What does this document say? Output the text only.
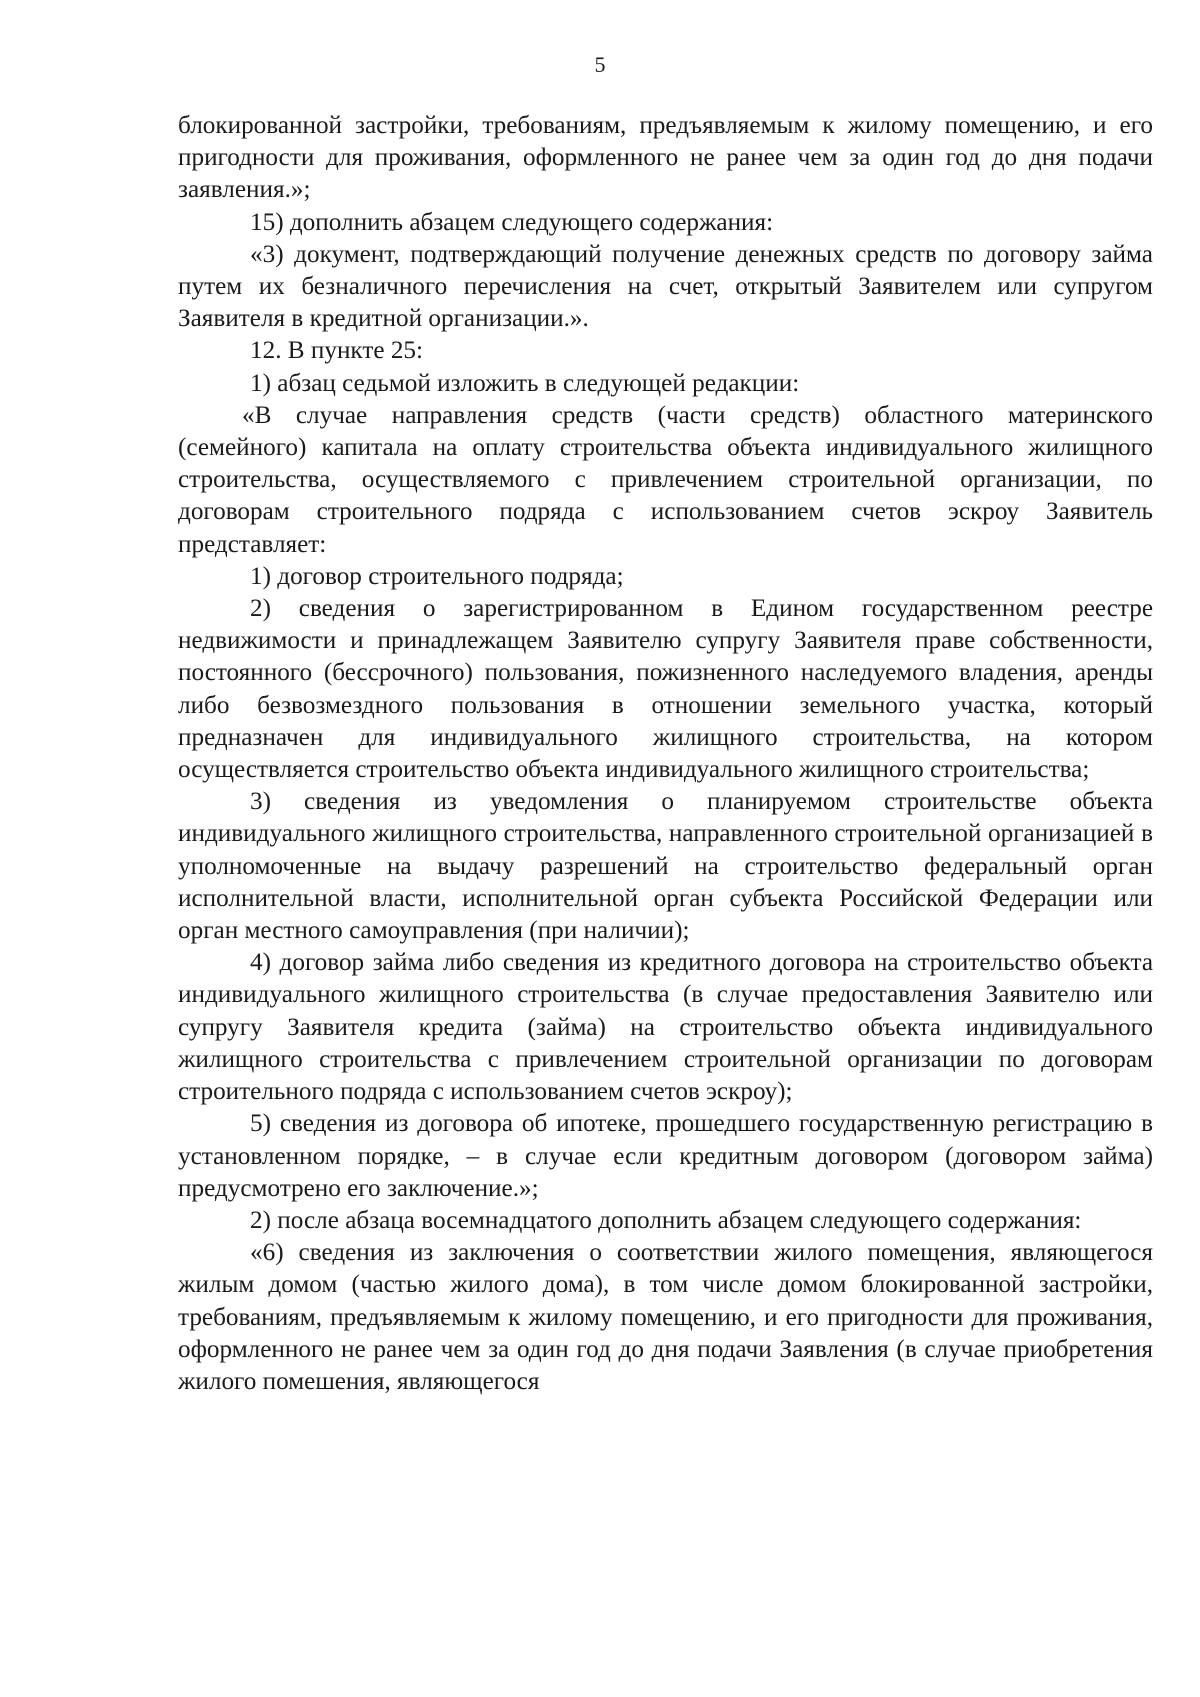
5

блокированной застройки, требованиям, предъявляемым к жилому помещению, и его пригодности для проживания, оформленного не ранее чем за один год до дня подачи заявления.»;

15) дополнить абзацем следующего содержания:

«3) документ, подтверждающий получение денежных средств по договору займа путем их безналичного перечисления на счет, открытый Заявителем или супругом Заявителя в кредитной организации.».

12. В пункте 25:

1) абзац седьмой изложить в следующей редакции:

«В случае направления средств (части средств) областного материнского (семейного) капитала на оплату строительства объекта индивидуального жилищного строительства, осуществляемого с привлечением строительной организации, по договорам строительного подряда с использованием счетов эскроу Заявитель представляет:

1) договор строительного подряда;

2) сведения о зарегистрированном в Едином государственном реестре недвижимости и принадлежащем Заявителю супругу Заявителя праве собственности, постоянного (бессрочного) пользования, пожизненного наследуемого владения, аренды либо безвозмездного пользования в отношении земельного участка, который предназначен для индивидуального жилищного строительства, на котором осуществляется строительство объекта индивидуального жилищного строительства;

3) сведения из уведомления о планируемом строительстве объекта индивидуального жилищного строительства, направленного строительной организацией в уполномоченные на выдачу разрешений на строительство федеральный орган исполнительной власти, исполнительной орган субъекта Российской Федерации или орган местного самоуправления (при наличии);

4) договор займа либо сведения из кредитного договора на строительство объекта индивидуального жилищного строительства (в случае предоставления Заявителю или супругу Заявителя кредита (займа) на строительство объекта индивидуального жилищного строительства с привлечением строительной организации по договорам строительного подряда с использованием счетов эскроу);

5) сведения из договора об ипотеке, прошедшего государственную регистрацию в установленном порядке, – в случае если кредитным договором (договором займа) предусмотрено его заключение.»;

2) после абзаца восемнадцатого дополнить абзацем следующего содержания:

«6) сведения из заключения о соответствии жилого помещения, являющегося жилым домом (частью жилого дома), в том числе домом блокированной застройки, требованиям, предъявляемым к жилому помещению, и его пригодности для проживания, оформленного не ранее чем за один год до дня подачи Заявления (в случае приобретения жилого помешения, являющегося
